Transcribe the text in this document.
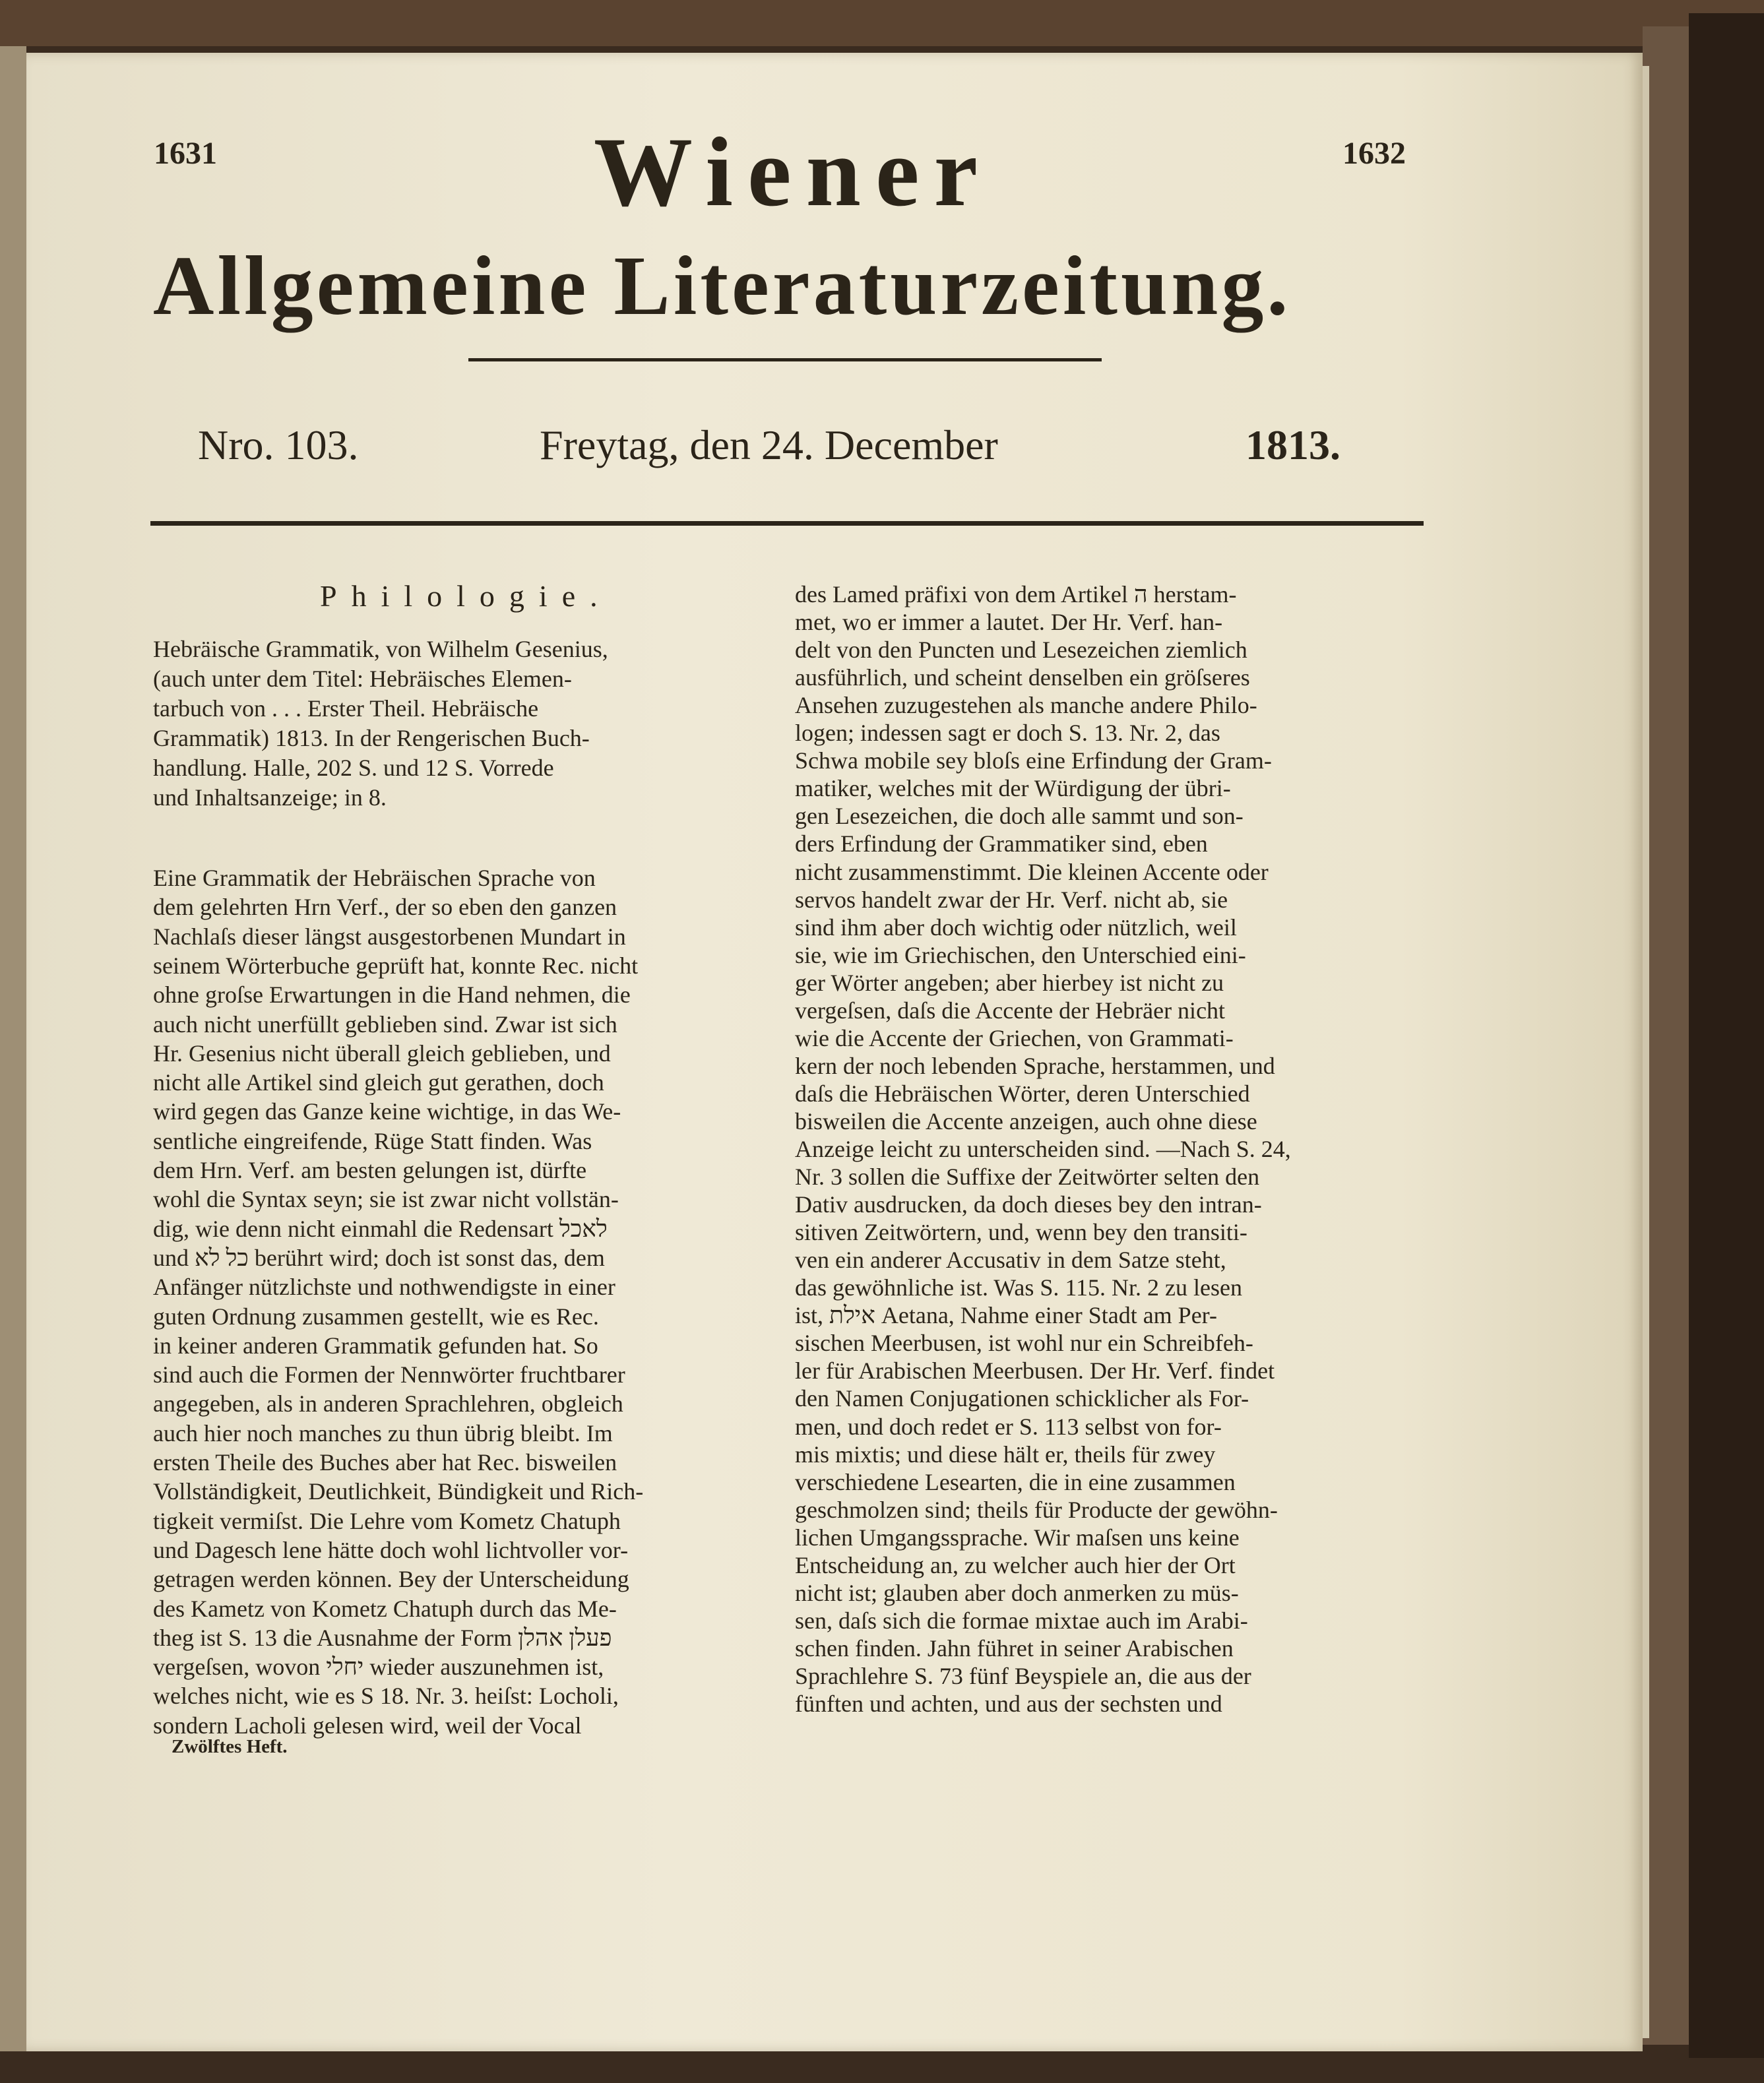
1631	1632
Wiener
Allgemeine Literaturzeitung.
Nro. 103.	Freytag, den 24. December	1813.
Philologie.
Hebräische Grammatik, von Wilhelm Gesenius,
(auch unter dem Titel: Hebräisches Elemen-
tarbuch von . . . Erster Theil. Hebräische
Grammatik) 1813. In der Rengerischen Buch-
handlung. Halle, 202 S. und 12 S. Vorrede
und Inhaltsanzeige; in 8.
Eine Grammatik der Hebräischen Sprache von
dem gelehrten Hrn Verf., der so eben den ganzen
Nachlaſs dieser längst ausgestorbenen Mundart in
seinem Wörterbuche geprüft hat, konnte Rec. nicht
ohne groſse Erwartungen in die Hand nehmen, die
auch nicht unerfüllt geblieben sind. Zwar ist sich
Hr. Gesenius nicht überall gleich geblieben, und
nicht alle Artikel sind gleich gut gerathen, doch
wird gegen das Ganze keine wichtige, in das We-
sentliche eingreifende, Rüge Statt finden. Was
dem Hrn. Verf. am besten gelungen ist, dürfte
wohl die Syntax seyn; sie ist zwar nicht vollstän-
dig, wie denn nicht einmahl die Redensart לאכל
und כל לא berührt wird; doch ist sonst das, dem
Anfänger nützlichste und nothwendigste in einer
guten Ordnung zusammen gestellt, wie es Rec.
in keiner anderen Grammatik gefunden hat. So
sind auch die Formen der Nennwörter fruchtbarer
angegeben, als in anderen Sprachlehren, obgleich
auch hier noch manches zu thun übrig bleibt. Im
ersten Theile des Buches aber hat Rec. bisweilen
Vollständigkeit, Deutlichkeit, Bündigkeit und Rich-
tigkeit vermiſst. Die Lehre vom Kometz Chatuph
und Dagesch lene hätte doch wohl lichtvoller vor-
getragen werden können. Bey der Unterscheidung
des Kametz von Kometz Chatuph durch das Me-
theg ist S. 13 die Ausnahme der Form פעלן אהלן
vergeſsen, wovon יחלי wieder auszunehmen ist,
welches nicht, wie es S 18. Nr. 3. heiſst: Locholi,
sondern Lacholi gelesen wird, weil der Vocal
des Lamed präfixi von dem Artikel ה herstam-
met, wo er immer a lautet. Der Hr. Verf. han-
delt von den Puncten und Lesezeichen ziemlich
ausführlich, und scheint denselben ein gröſseres
Ansehen zuzugestehen als manche andere Philo-
logen; indessen sagt er doch S. 13. Nr. 2, das
Schwa mobile sey bloſs eine Erfindung der Gram-
matiker, welches mit der Würdigung der übri-
gen Lesezeichen, die doch alle sammt und son-
ders Erfindung der Grammatiker sind, eben
nicht zusammenstimmt. Die kleinen Accente oder
servos handelt zwar der Hr. Verf. nicht ab, sie
sind ihm aber doch wichtig oder nützlich, weil
sie, wie im Griechischen, den Unterschied eini-
ger Wörter angeben; aber hierbey ist nicht zu
vergeſsen, daſs die Accente der Hebräer nicht
wie die Accente der Griechen, von Grammati-
kern der noch lebenden Sprache, herstammen, und
daſs die Hebräischen Wörter, deren Unterschied
bisweilen die Accente anzeigen, auch ohne diese
Anzeige leicht zu unterscheiden sind. —Nach S. 24,
Nr. 3 sollen die Suffixe der Zeitwörter selten den
Dativ ausdrucken, da doch dieses bey den intran-
sitiven Zeitwörtern, und, wenn bey den transiti-
ven ein anderer Accusativ in dem Satze steht,
das gewöhnliche ist. Was S. 115. Nr. 2 zu lesen
ist, אילת Aetana, Nahme einer Stadt am Per-
sischen Meerbusen, ist wohl nur ein Schreibfeh-
ler für Arabischen Meerbusen. Der Hr. Verf. findet
den Namen Conjugationen schicklicher als For-
men, und doch redet er S. 113 selbst von for-
mis mixtis; und diese hält er, theils für zwey
verschiedene Lesearten, die in eine zusammen
geschmolzen sind; theils für Producte der gewöhn-
lichen Umgangssprache. Wir maſsen uns keine
Entscheidung an, zu welcher auch hier der Ort
nicht ist; glauben aber doch anmerken zu müs-
sen, daſs sich die formae mixtae auch im Arabi-
schen finden. Jahn führet in seiner Arabischen
Sprachlehre S. 73 fünf Beyspiele an, die aus der
fünften und achten, und aus der sechsten und
Zwölftes Heft.
